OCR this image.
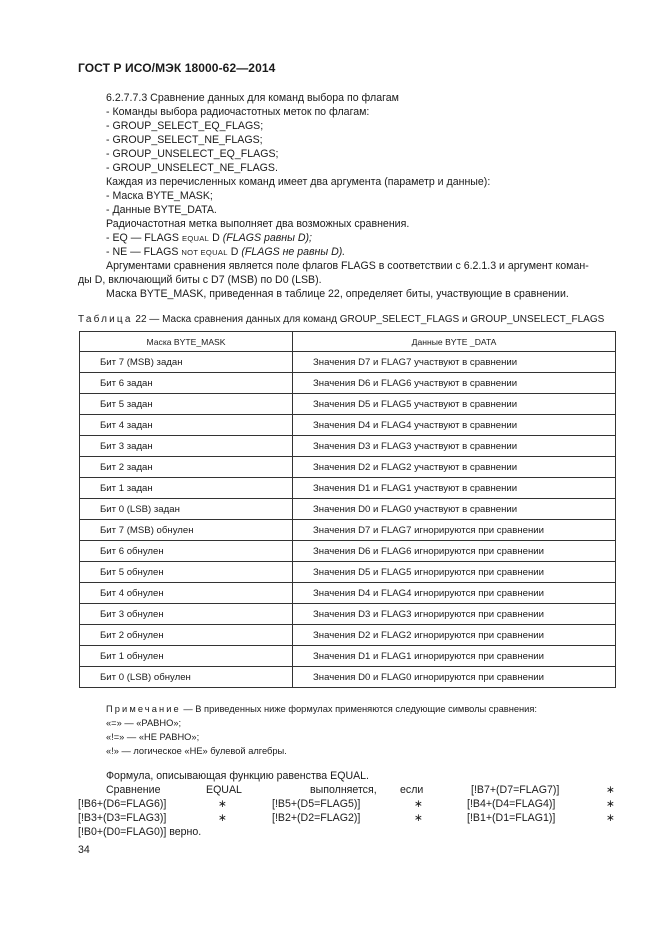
ГОСТ Р ИСО/МЭК 18000-62—2014
6.2.7.7.3 Сравнение данных для команд выбора по флагам
- Команды выбора радиочастотных меток по флагам:
- GROUP_SELECT_EQ_FLAGS;
- GROUP_SELECT_NE_FLAGS;
- GROUP_UNSELECT_EQ_FLAGS;
- GROUP_UNSELECT_NE_FLAGS.
Каждая из перечисленных команд имеет два аргумента (параметр и данные):
- Маска BYTE_MASK;
- Данные BYTE_DATA.
Радиочастотная метка выполняет два возможных сравнения.
- EQ — FLAGS EQUAL D (FLAGS равны D);
- NE — FLAGS NOT EQUAL D (FLAGS не равны D).
Аргументами сравнения является поле флагов FLAGS в соответствии с 6.2.1.3 и аргумент коман-
ды D, включающий биты с D7 (MSB) по D0 (LSB).
Маска BYTE_MASK, приведенная в таблице 22, определяет биты, участвующие в сравнении.
Таблица 22 — Маска сравнения данных для команд GROUP_SELECT_FLAGS и GROUP_UNSELECT_FLAGS
Маска BYTE_MASK	Данные BYTE _DATA
Бит 7 (MSB) задан	Значения D7 и FLAG7 участвуют в сравнении
Бит 6 задан	Значения D6 и FLAG6 участвуют в сравнении
Бит 5 задан	Значения D5 и FLAG5 участвуют в сравнении
Бит 4 задан	Значения D4 и FLAG4 участвуют в сравнении
Бит 3 задан	Значения D3 и FLAG3 участвуют в сравнении
Бит 2 задан	Значения D2 и FLAG2 участвуют в сравнении
Бит 1 задан	Значения D1 и FLAG1 участвуют в сравнении
Бит 0 (LSB) задан	Значения D0 и FLAG0 участвуют в сравнении
Бит 7 (MSB) обнулен	Значения D7 и FLAG7 игнорируются при сравнении
Бит 6 обнулен	Значения D6 и FLAG6 игнорируются при сравнении
Бит 5 обнулен	Значения D5 и FLAG5 игнорируются при сравнении
Бит 4 обнулен	Значения D4 и FLAG4 игнорируются при сравнении
Бит 3 обнулен	Значения D3 и FLAG3 игнорируются при сравнении
Бит 2 обнулен	Значения D2 и FLAG2 игнорируются при сравнении
Бит 1 обнулен	Значения D1 и FLAG1 игнорируются при сравнении
Бит 0 (LSB) обнулен	Значения D0 и FLAG0 игнорируются при сравнении
Примечание — В приведенных ниже формулах применяются следующие символы сравнения:
«=» — «РАВНО»;
«!=» — «НЕ РАВНО»;
«!» — логическое «НЕ» булевой алгебры.
Формула, описывающая функцию равенства EQUAL.
Сравнение	EQUAL	выполняется, если	[!B7+(D7=FLAG7)]	∗
[!B6+(D6=FLAG6)]	∗	[!B5+(D5=FLAG5)]	∗	[!B4+(D4=FLAG4)]	∗
[!B3+(D3=FLAG3)]	∗	[!B2+(D2=FLAG2)]	∗	[!B1+(D1=FLAG1)]	∗
[!B0+(D0=FLAG0)] верно.
34
